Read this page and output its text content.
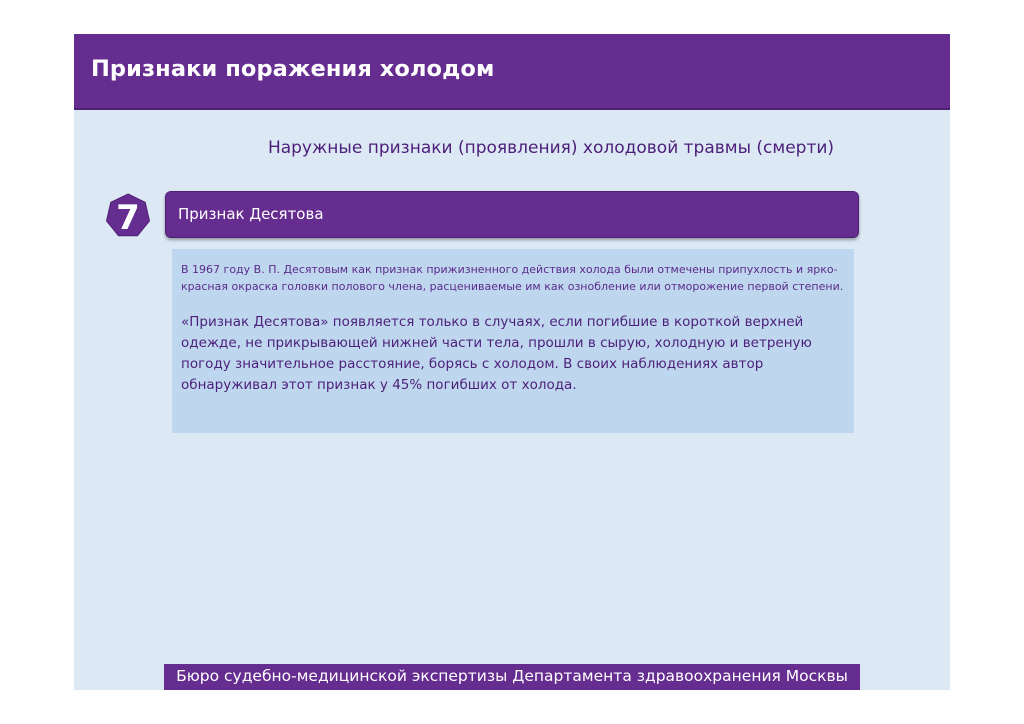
Признаки поражения холодом
Наружные признаки (проявления) холодовой травмы (смерти)
7	Признак Десятова

В 1967 году В. П. Десятовым как признак прижизненного действия холода были отмечены припухлость и ярко-красная окраска головки полового члена, расцениваемые им как ознобление или отморожение первой степени.

«Признак Десятова» появляется только в случаях, если погибшие в короткой верхней одежде, не прикрывающей нижней части тела, прошли в сырую, холодную и ветреную погоду значительное расстояние, борясь с холодом. В своих наблюдениях автор обнаруживал этот признак у 45% погибших от холода.

Бюро судебно-медицинской экспертизы Департамента здравоохранения Москвы
